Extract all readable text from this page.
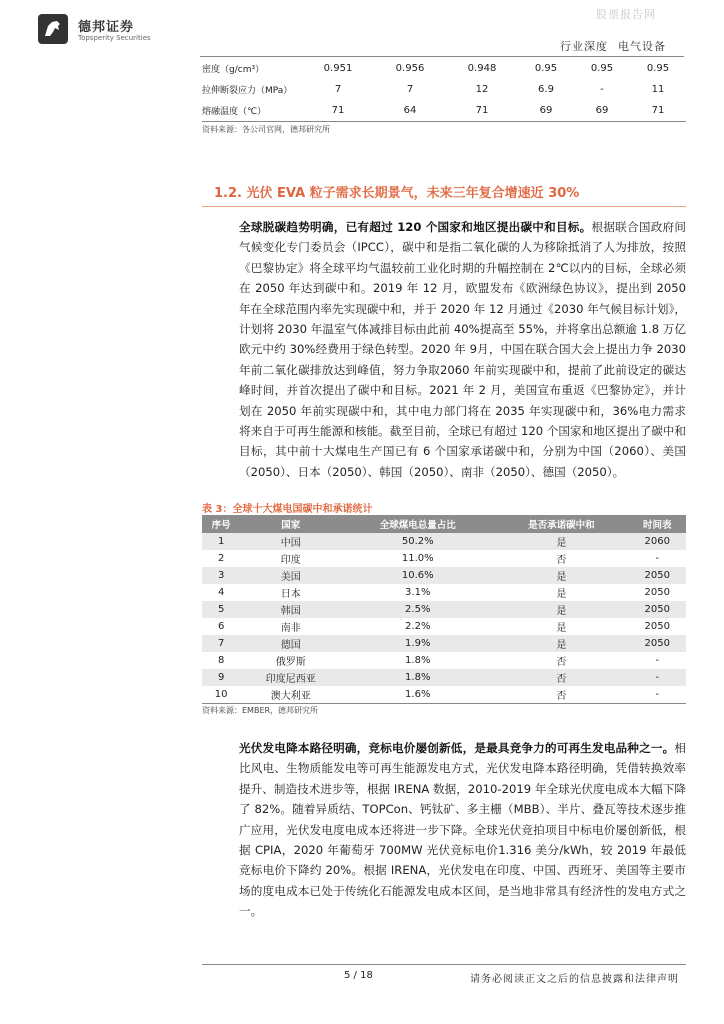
德邦证券
Topsperity Securities
股票报告网
行业深度 电气设备
密度（g/cm³）	0.951	0.956	0.948	0.95	0.95	0.95
拉伸断裂应力（MPa）	7	7	12	6.9	-	11
熔融温度（℃）	71	64	71	69	69	71
资料来源：各公司官网，德邦研究所
1.2. 光伏 EVA 粒子需求长期景气，未来三年复合增速近 30%

全球脱碳趋势明确，已有超过 120 个国家和地区提出碳中和目标。根据联合国政府间气候变化专门委员会（IPCC），碳中和是指二氧化碳的人为移除抵消了人为排放，按照《巴黎协定》将全球平均气温较前工业化时期的升幅控制在 2℃以内的目标，全球必须在 2050 年达到碳中和。2019 年 12 月，欧盟发布《欧洲绿色协议》，提出到 2050 年在全球范围内率先实现碳中和，并于 2020 年 12 月通过《2030 年气候目标计划》，计划将 2030 年温室气体减排目标由此前 40%提高至 55%，并将拿出总额逾 1.8 万亿欧元中约 30%经费用于绿色转型。2020 年 9月，中国在联合国大会上提出力争 2030 年前二氧化碳排放达到峰值，努力争取2060 年前实现碳中和，提前了此前设定的碳达峰时间，并首次提出了碳中和目标。2021 年 2 月，美国宣布重返《巴黎协定》，并计划在 2050 年前实现碳中和，其中电力部门将在 2035 年实现碳中和，36%电力需求将来自于可再生能源和核能。截至目前，全球已有超过 120 个国家和地区提出了碳中和目标，其中前十大煤电生产国已有 6 个国家承诺碳中和，分别为中国（2060）、美国（2050）、日本（2050）、韩国（2050）、南非（2050）、德国（2050）。

表 3：全球十大煤电国碳中和承诺统计
序号	国家	全球煤电总量占比	是否承诺碳中和	时间表
1	中国	50.2%	是	2060
2	印度	11.0%	否	-
3	美国	10.6%	是	2050
4	日本	3.1%	是	2050
5	韩国	2.5%	是	2050
6	南非	2.2%	是	2050
7	德国	1.9%	是	2050
8	俄罗斯	1.8%	否	-
9	印度尼西亚	1.8%	否	-
10	澳大利亚	1.6%	否	-
资料来源：EMBER，德邦研究所

光伏发电降本路径明确，竞标电价屡创新低，是最具竞争力的可再生发电品种之一。相比风电、生物质能发电等可再生能源发电方式，光伏发电降本路径明确，凭借转换效率提升、制造技术进步等，根据 IRENA 数据，2010-2019 年全球光伏度电成本大幅下降了 82%。随着异质结、TOPCon、钙钛矿、多主栅（MBB）、半片、叠瓦等技术逐步推广应用，光伏发电度电成本还将进一步下降。全球光伏竞拍项目中标电价屡创新低，根据 CPIA，2020 年葡萄牙 700MW 光伏竞标电价1.316 美分/kWh，较 2019 年最低竞标电价下降约 20%。根据 IRENA，光伏发电在印度、中国、西班牙、美国等主要市场的度电成本已处于传统化石能源发电成本区间，是当地非常具有经济性的发电方式之一。

5 / 18	请务必阅读正文之后的信息披露和法律声明
